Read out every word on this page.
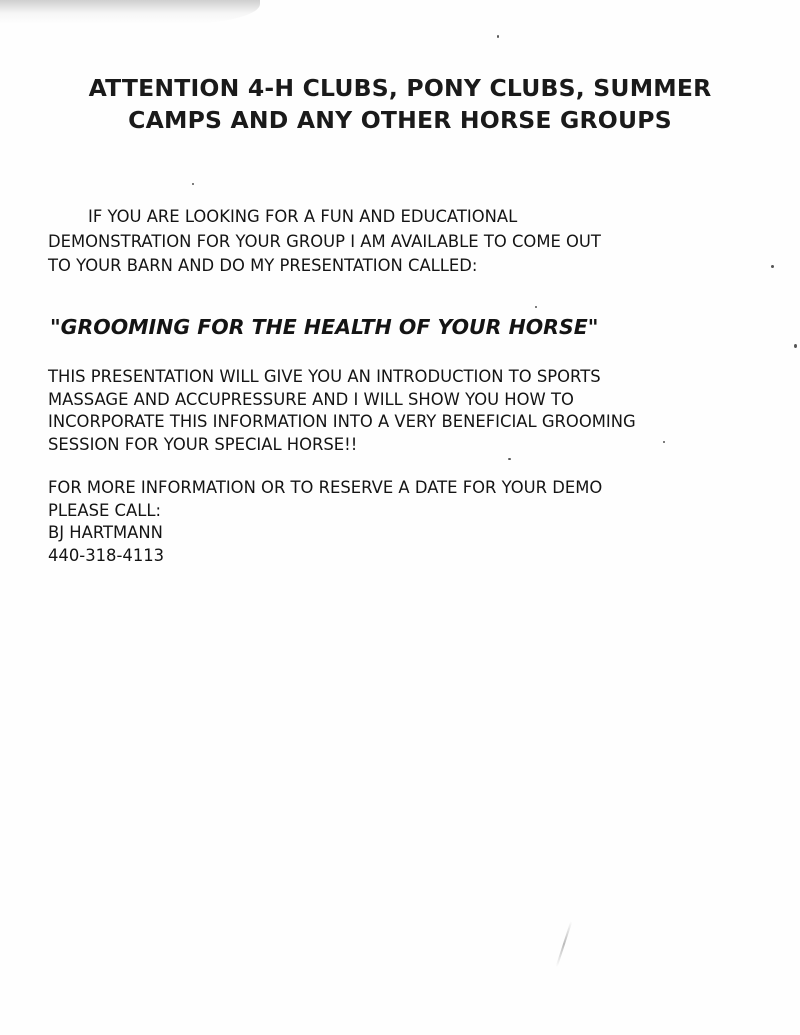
ATTENTION 4-H CLUBS, PONY CLUBS, SUMMER
CAMPS AND ANY OTHER HORSE GROUPS

IF YOU ARE LOOKING FOR A FUN AND EDUCATIONAL
DEMONSTRATION FOR YOUR GROUP I AM AVAILABLE TO COME OUT
TO YOUR BARN AND DO MY PRESENTATION CALLED:

"GROOMING FOR THE HEALTH OF YOUR HORSE"

THIS PRESENTATION WILL GIVE YOU AN INTRODUCTION TO SPORTS
MASSAGE AND ACCUPRESSURE AND I WILL SHOW YOU HOW TO
INCORPORATE THIS INFORMATION INTO A VERY BENEFICIAL GROOMING
SESSION FOR YOUR SPECIAL HORSE!!

FOR MORE INFORMATION OR TO RESERVE A DATE FOR YOUR DEMO
PLEASE CALL:
BJ HARTMANN
440-318-4113
